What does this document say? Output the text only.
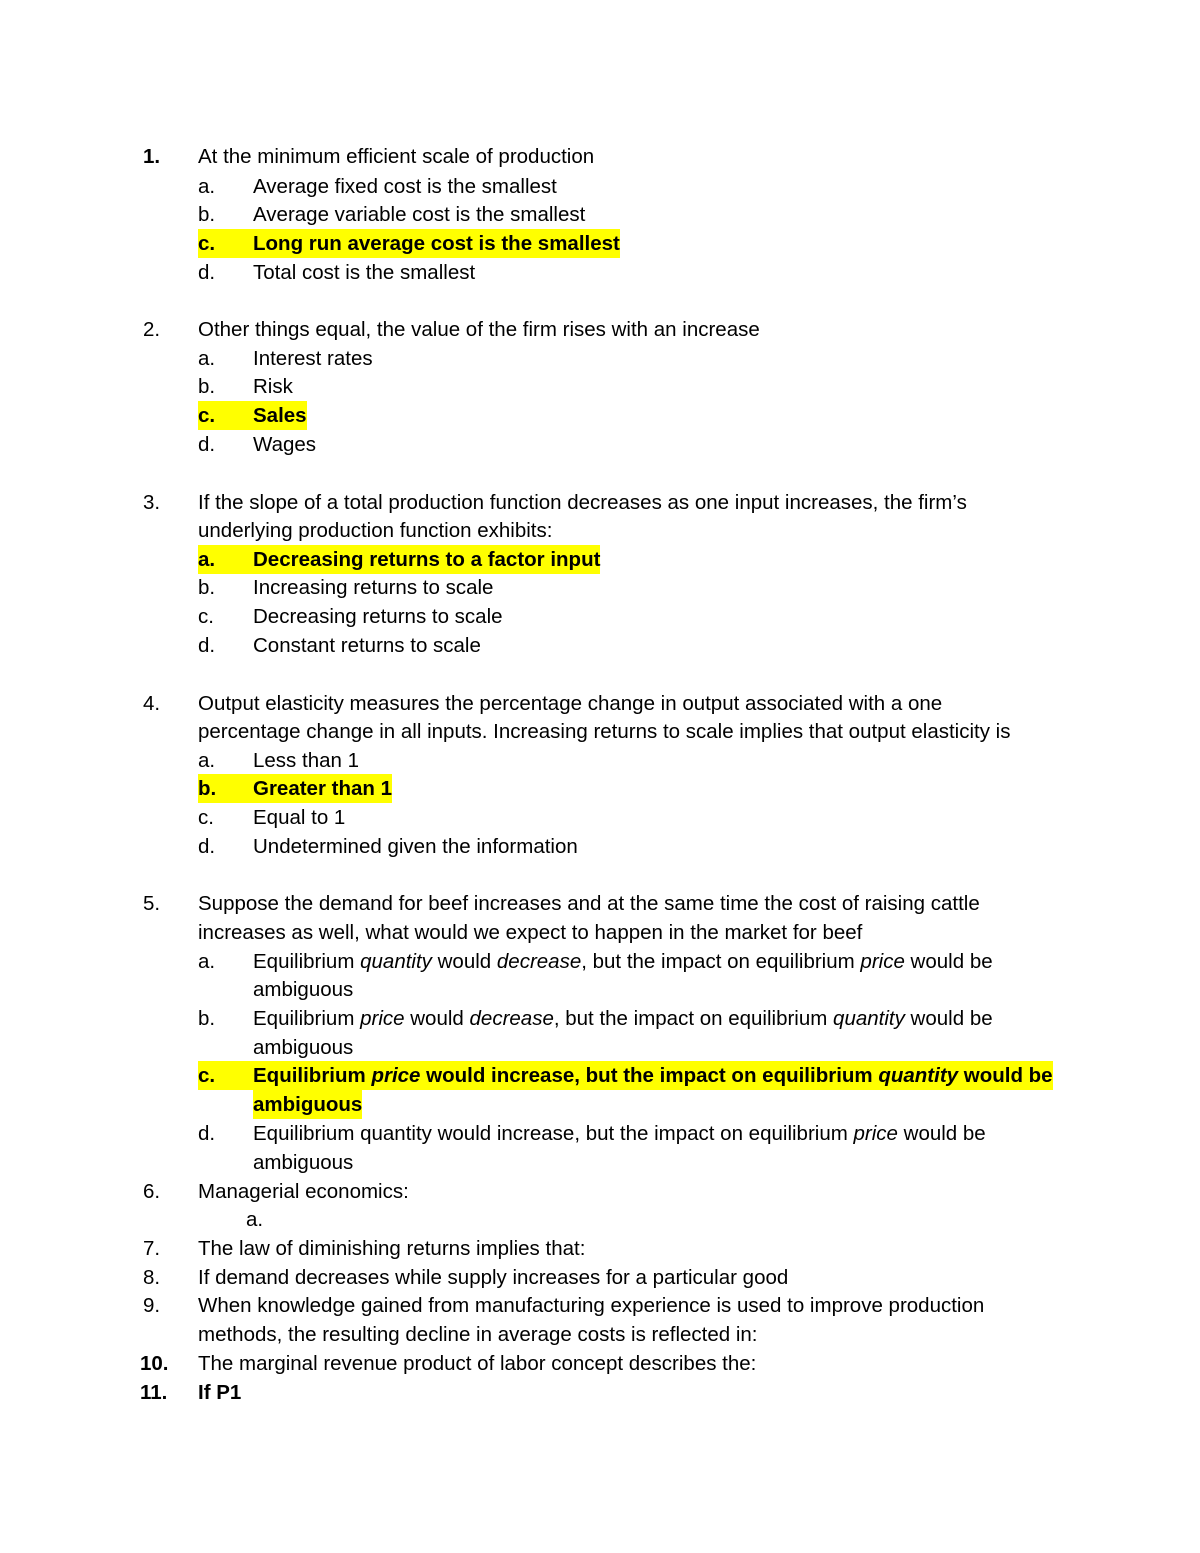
1. At the minimum efficient scale of production
a. Average fixed cost is the smallest
b. Average variable cost is the smallest
c.	Long run average cost is the smallest
d. Total cost is the smallest
2. Other things equal, the value of the firm rises with an increase
a. Interest rates
b. Risk
c.	Sales
d. Wages
3. If the slope of a total production function decreases as one input increases, the firm’s
underlying production function exhibits:
a.	Decreasing returns to a factor input
b. Increasing returns to scale
c. Decreasing returns to scale
d. Constant returns to scale
4. Output elasticity measures the percentage change in output associated with a one
percentage change in all inputs. Increasing returns to scale implies that output elasticity is
a. Less than 1
b.	Greater than 1
c. Equal to 1
d. Undetermined given the information
5. Suppose the demand for beef increases and at the same time the cost of raising cattle
increases as well, what would we expect to happen in the market for beef
a. Equilibrium quantity would decrease, but the impact on equilibrium price would be
ambiguous
b. Equilibrium price would decrease, but the impact on equilibrium quantity would be
ambiguous
c.	Equilibrium price would increase, but the impact on equilibrium quantity would be
ambiguous
d. Equilibrium quantity would increase, but the impact on equilibrium price would be
ambiguous
6. Managerial economics:
a.
7. The law of diminishing returns implies that:
8. If demand decreases while supply increases for a particular good
9. When knowledge gained from manufacturing experience is used to improve production
methods, the resulting decline in average costs is reflected in:
10. The marginal revenue product of labor concept describes the:
11. If P1
